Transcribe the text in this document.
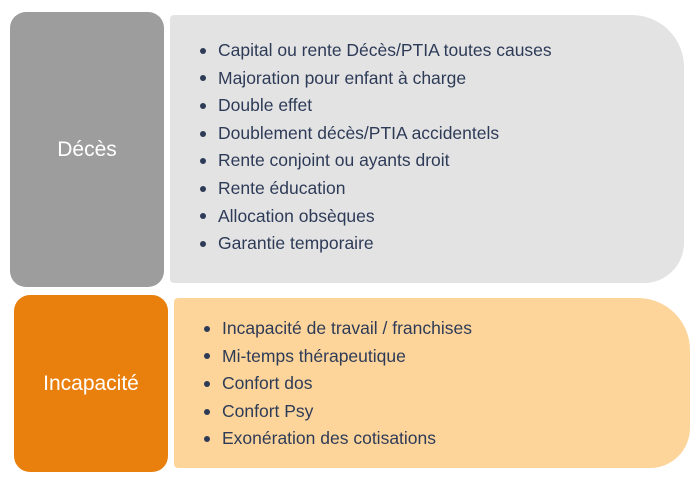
Décès
Capital ou rente Décès/PTIA toutes causes
Majoration pour enfant à charge
Double effet
Doublement décès/PTIA accidentels
Rente conjoint ou ayants droit
Rente éducation
Allocation obsèques
Garantie temporaire
Incapacité
Incapacité de travail / franchises
Mi-temps thérapeutique
Confort dos
Confort Psy
Exonération des cotisations
